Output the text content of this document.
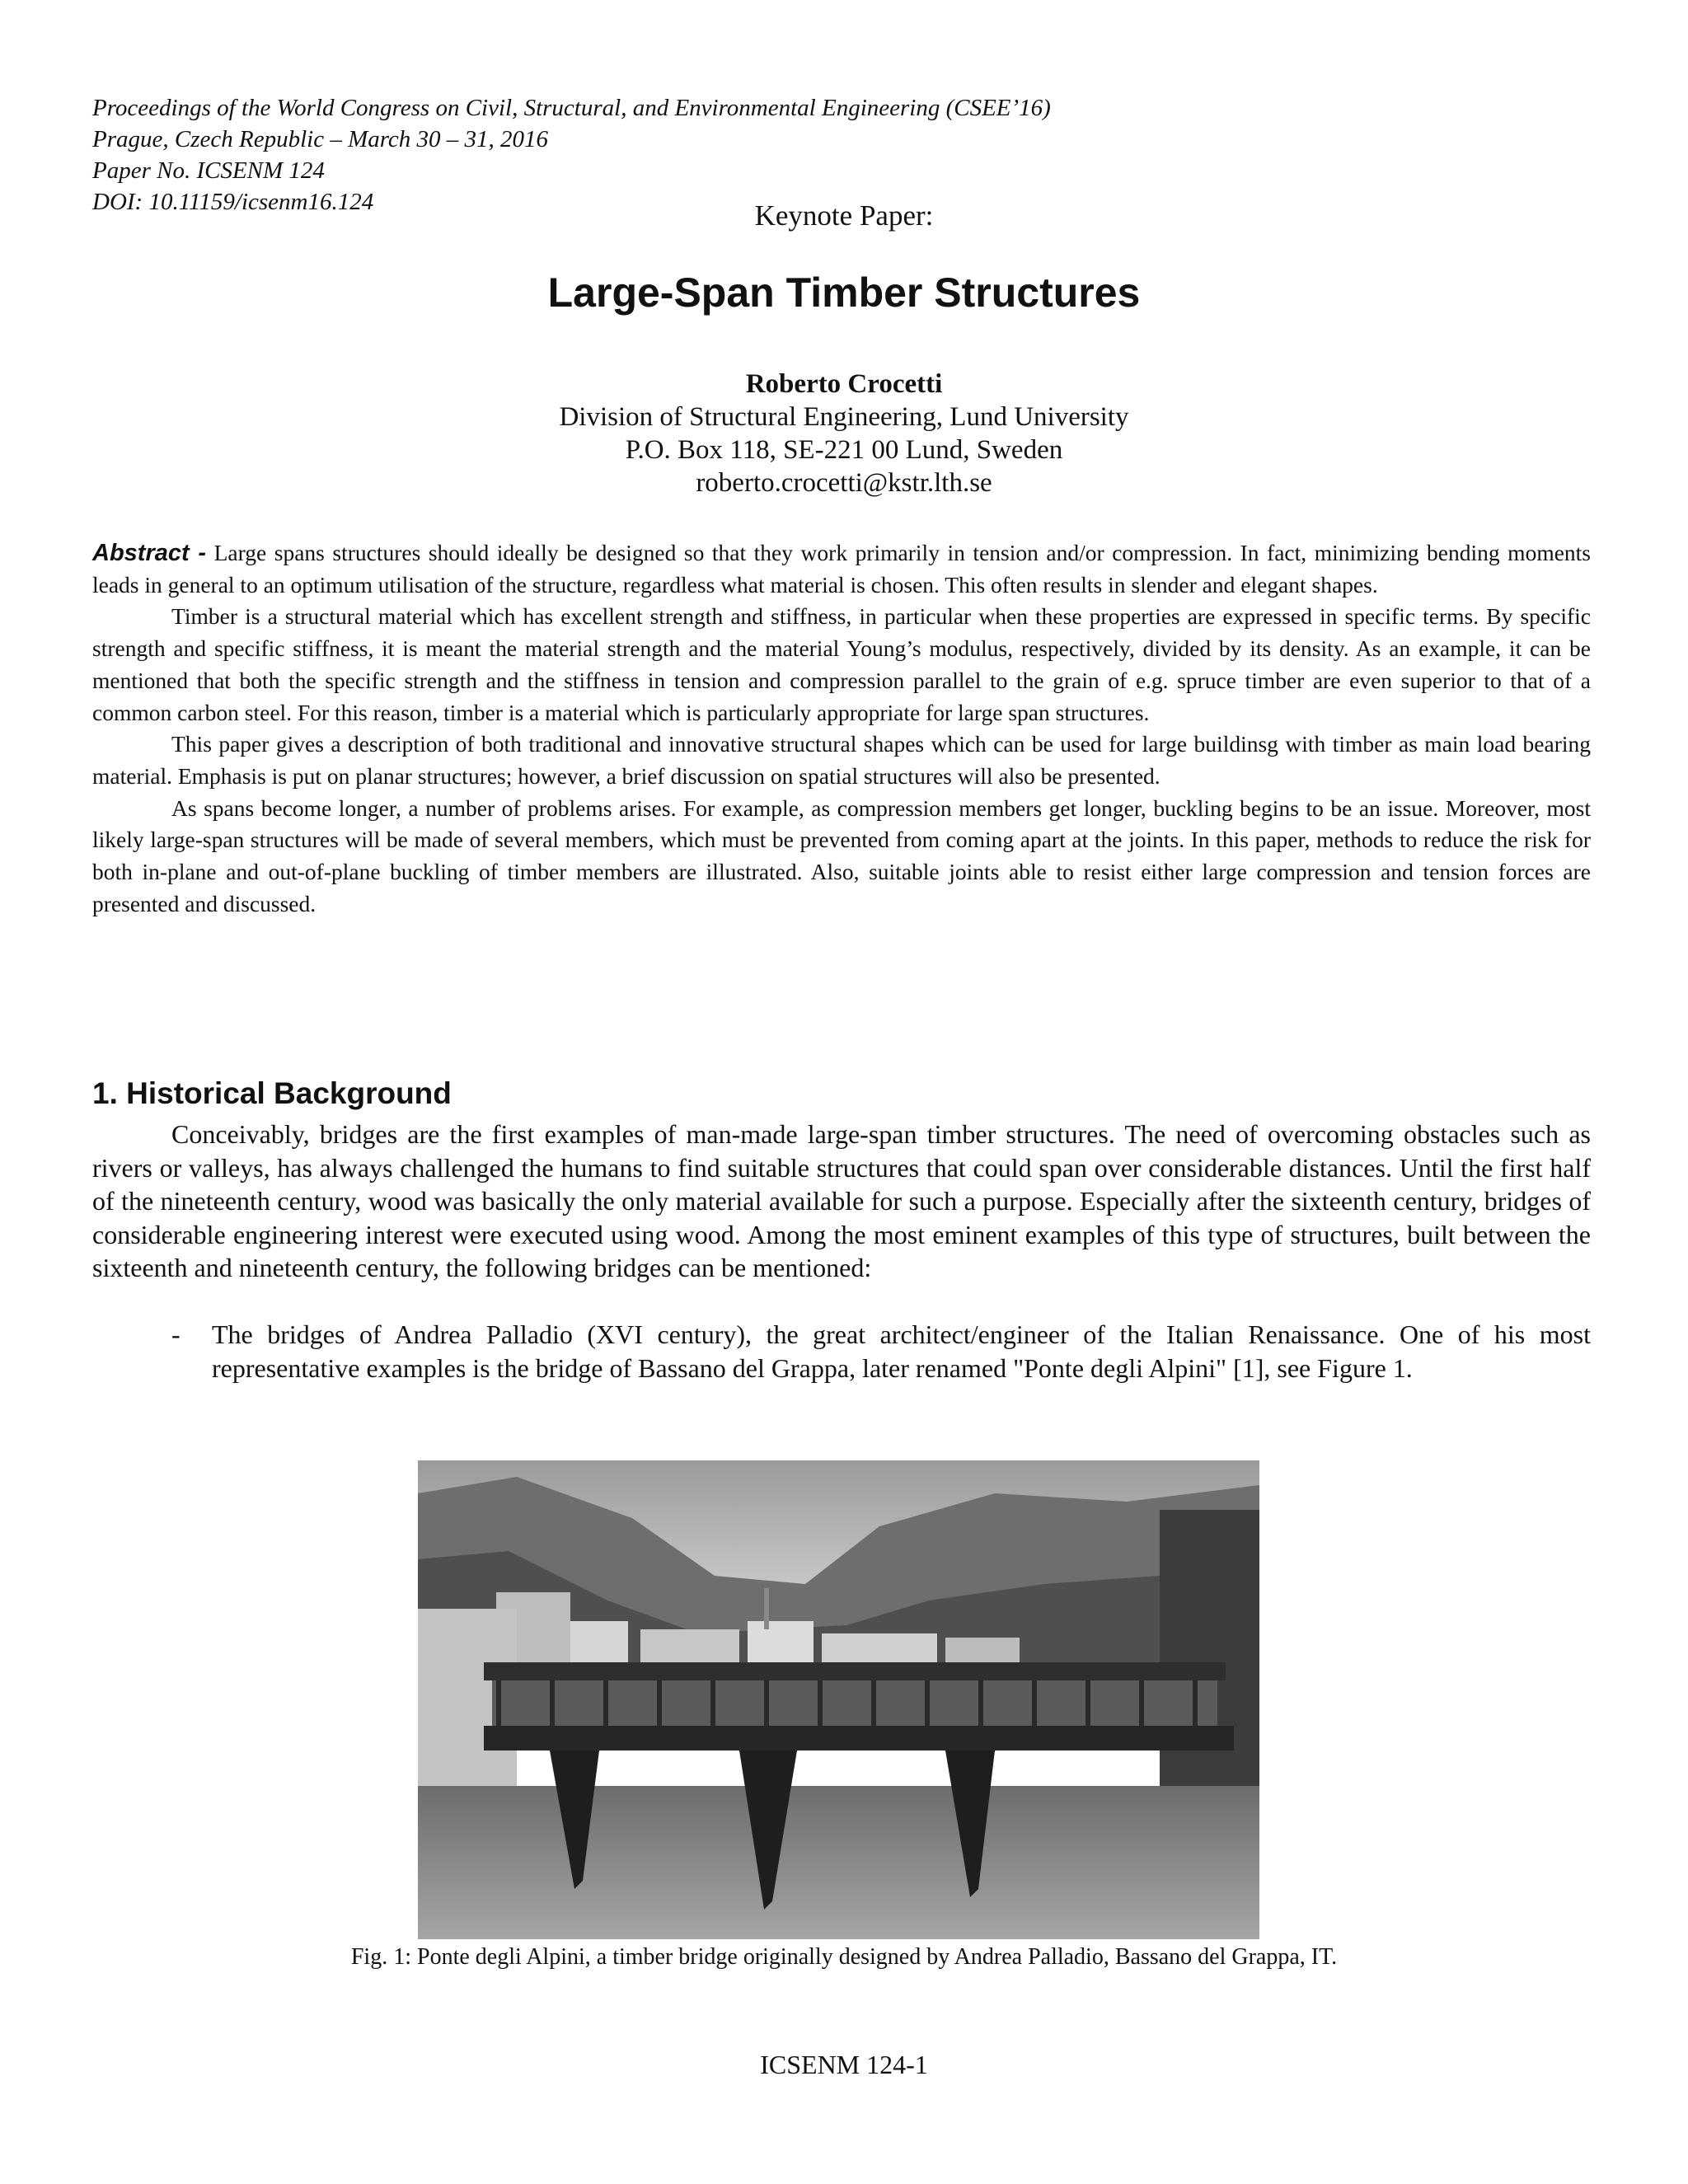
Proceedings of the World Congress on Civil, Structural, and Environmental Engineering (CSEE’16)
Prague, Czech Republic – March 30 – 31, 2016
Paper No. ICSENM 124
DOI: 10.11159/icsenm16.124	Keynote Paper:
Large-Span Timber Structures
Roberto Crocetti
Division of Structural Engineering, Lund University
P.O. Box 118, SE-221 00 Lund, Sweden
roberto.crocetti@kstr.lth.se

Abstract - Large spans structures should ideally be designed so that they work primarily in tension and/or compression. In fact, minimizing bending moments leads in general to an optimum utilisation of the structure, regardless what material is chosen. This often results in slender and elegant shapes.

Timber is a structural material which has excellent strength and stiffness, in particular when these properties are expressed in specific terms. By specific strength and specific stiffness, it is meant the material strength and the material Young’s modulus, respectively, divided by its density. As an example, it can be mentioned that both the specific strength and the stiffness in tension and compression parallel to the grain of e.g. spruce timber are even superior to that of a common carbon steel. For this reason, timber is a material which is particularly appropriate for large span structures.

This paper gives a description of both traditional and innovative structural shapes which can be used for large buildinsg with timber as main load bearing material. Emphasis is put on planar structures; however, a brief discussion on spatial structures will also be presented.

As spans become longer, a number of problems arises. For example, as compression members get longer, buckling begins to be an issue. Moreover, most likely large-span structures will be made of several members, which must be prevented from coming apart at the joints. In this paper, methods to reduce the risk for both in-plane and out-of-plane buckling of timber members are illustrated. Also, suitable joints able to resist either large compression and tension forces are presented and discussed.

1. Historical Background

Conceivably, bridges are the first examples of man-made large-span timber structures. The need of overcoming obstacles such as rivers or valleys, has always challenged the humans to find suitable structures that could span over considerable distances. Until the first half of the nineteenth century, wood was basically the only material available for such a purpose. Especially after the sixteenth century, bridges of considerable engineering interest were executed using wood. Among the most eminent examples of this type of structures, built between the sixteenth and nineteenth century, the following bridges can be mentioned:

- The bridges of Andrea Palladio (XVI century), the great architect/engineer of the Italian Renaissance. One of his most representative examples is the bridge of Bassano del Grappa, later renamed "Ponte degli Alpini" [1], see Figure 1.
Fig. 1: Ponte degli Alpini, a timber bridge originally designed by Andrea Palladio, Bassano del Grappa, IT.
ICSENM 124-1
